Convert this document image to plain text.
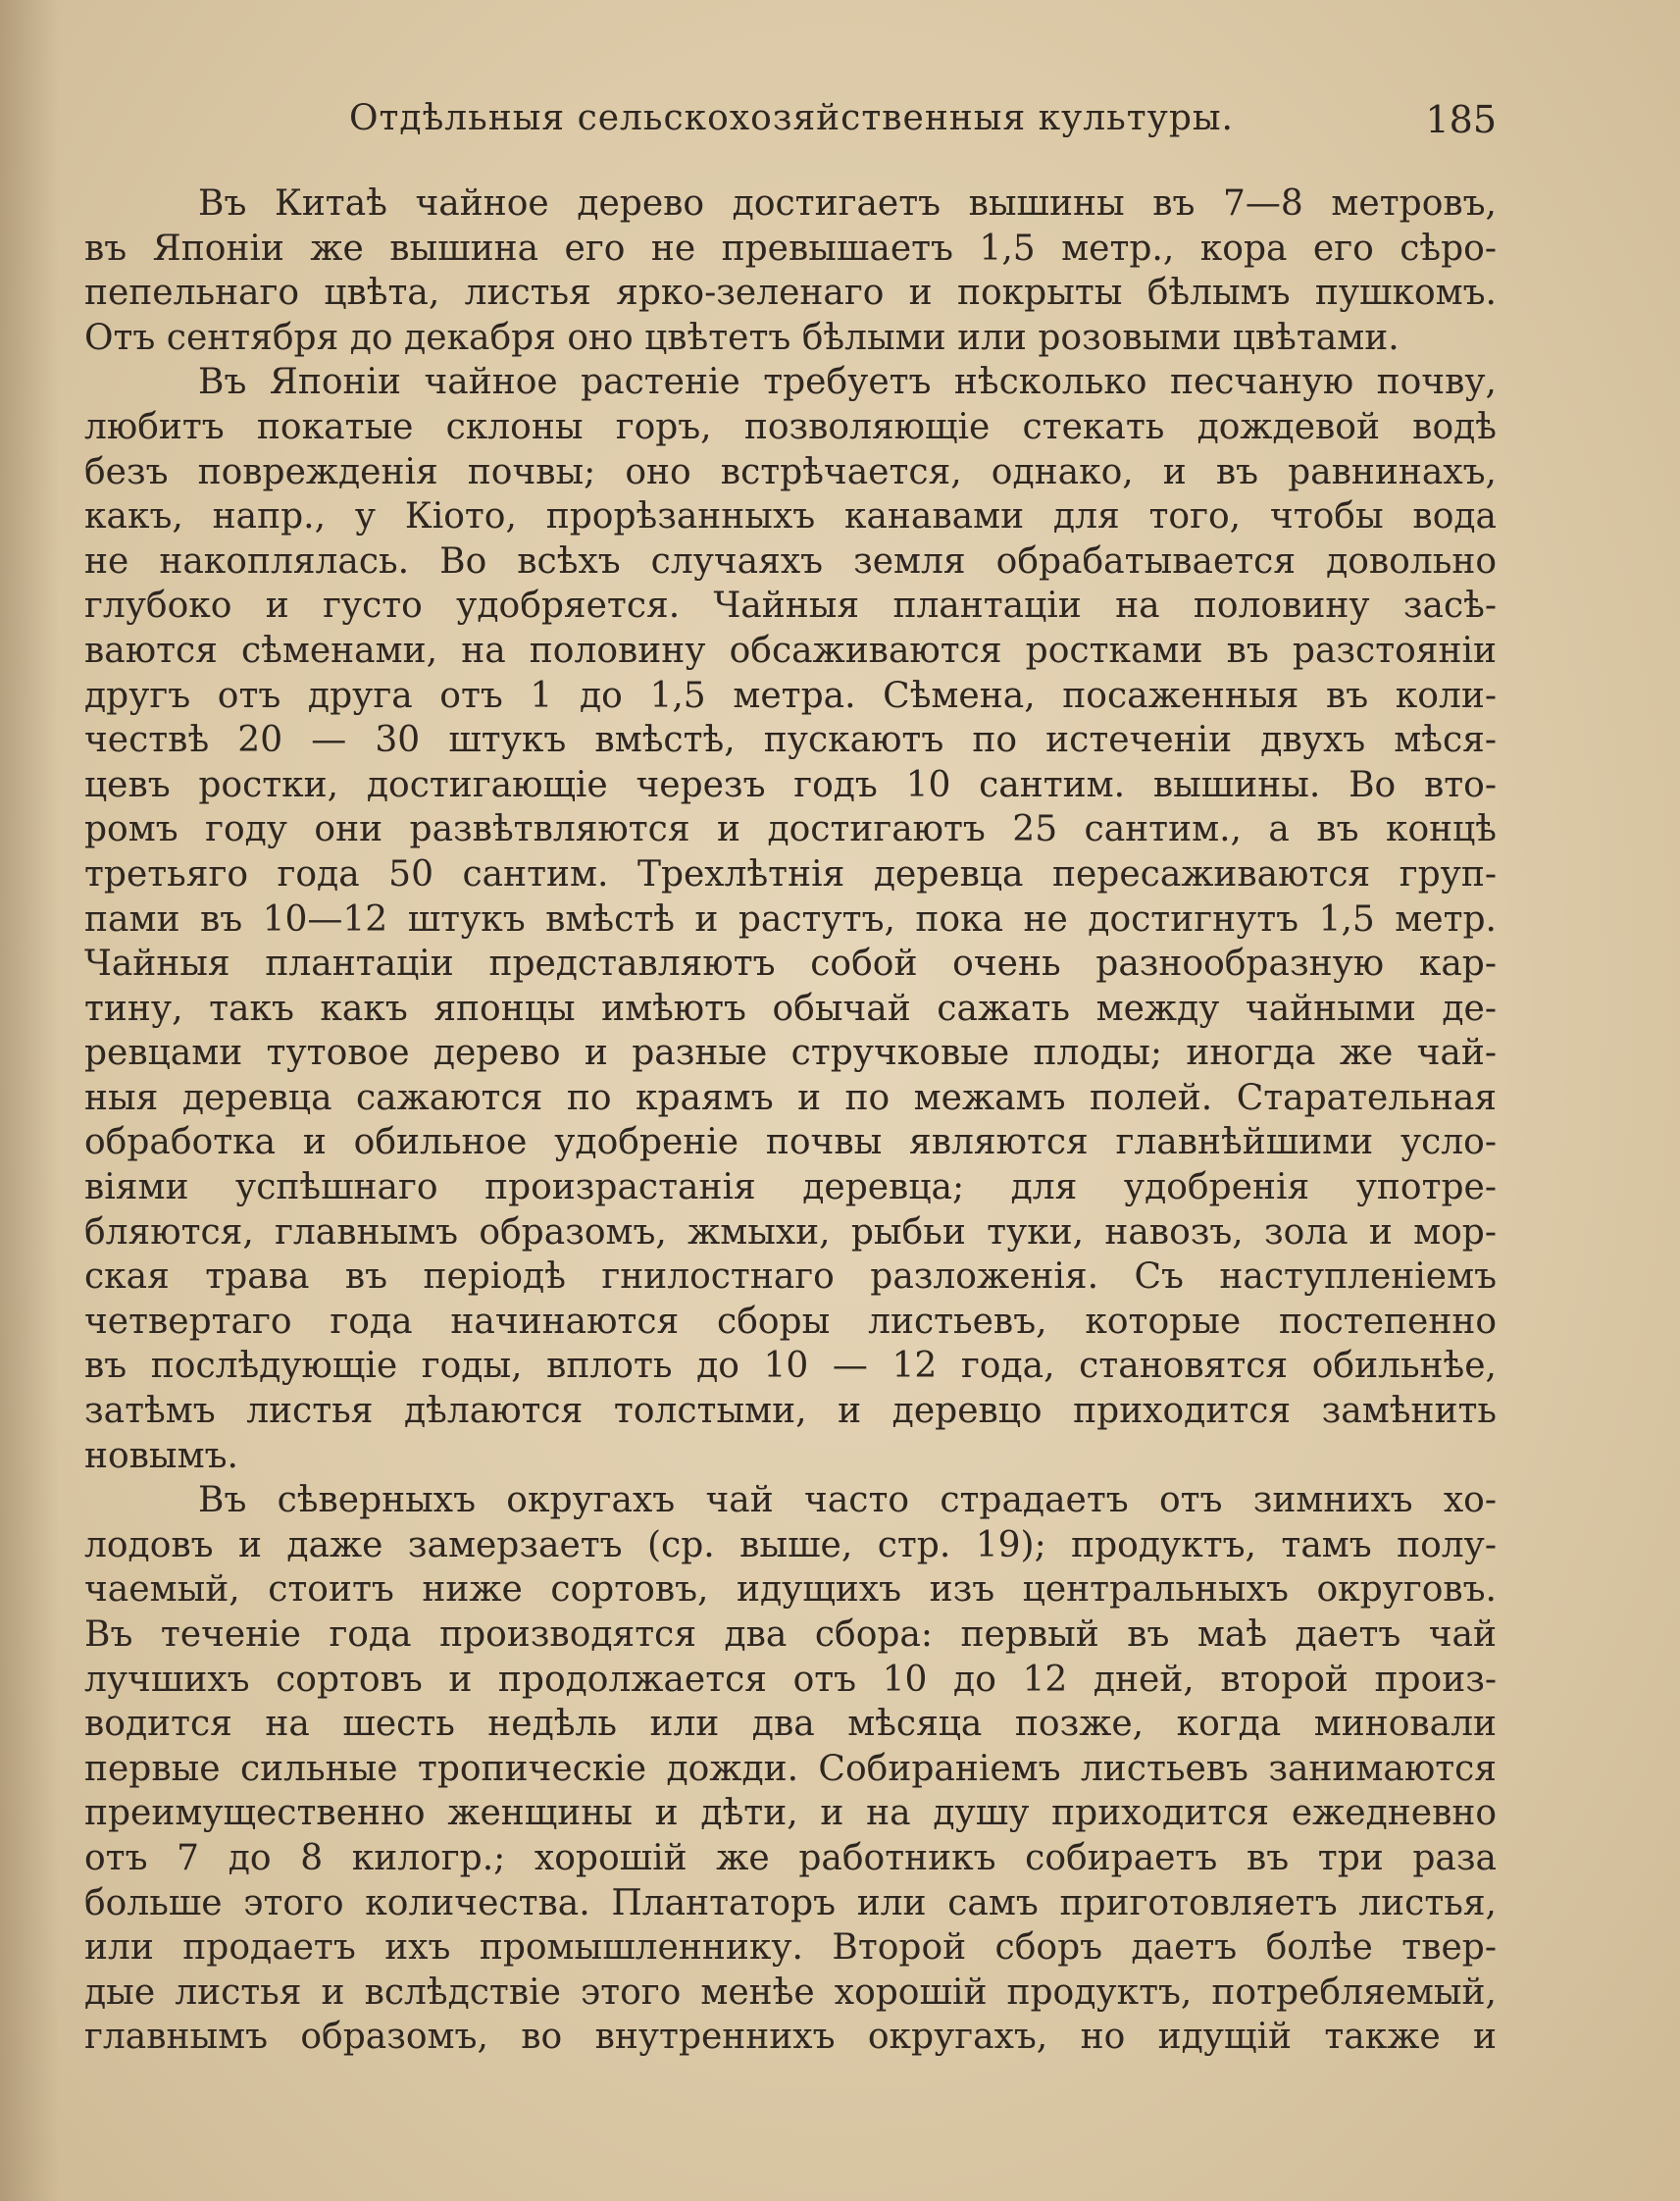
Отдѣльныя сельскохозяйственныя культуры.	185
Въ Китаѣ чайное дерево достигаетъ вышины въ 7—8 метровъ,
въ Японіи же вышина его не превышаетъ 1,5 метр., кора его сѣро-
пепельнаго цвѣта, листья ярко-зеленаго и покрыты бѣлымъ пушкомъ.
Отъ сентября до декабря оно цвѣтетъ бѣлыми или розовыми цвѣтами.
Въ Японіи чайное растеніе требуетъ нѣсколько песчаную почву,
любитъ покатые склоны горъ, позволяющіе стекать дождевой водѣ
безъ поврежденія почвы; оно встрѣчается, однако, и въ равнинахъ,
какъ, напр., у Кіото, прорѣзанныхъ канавами для того, чтобы вода
не накоплялась. Во всѣхъ случаяхъ земля обрабатывается довольно
глубоко и густо удобряется. Чайныя плантаціи на половину засѣ-
ваются сѣменами, на половину обсаживаются ростками въ разстояніи
другъ отъ друга отъ 1 до 1,5 метра. Сѣмена, посаженныя въ коли-
чествѣ 20 — 30 штукъ вмѣстѣ, пускаютъ по истеченіи двухъ мѣся-
цевъ ростки, достигающіе черезъ годъ 10 сантим. вышины. Во вто-
ромъ году они развѣтвляются и достигаютъ 25 сантим., а въ концѣ
третьяго года 50 сантим. Трехлѣтнія деревца пересаживаются груп-
пами въ 10—12 штукъ вмѣстѣ и растутъ, пока не достигнутъ 1,5 метр.
Чайныя плантаціи представляютъ собой очень разнообразную кар-
тину, такъ какъ японцы имѣютъ обычай сажать между чайными де-
ревцами тутовое дерево и разные стручковые плоды; иногда же чай-
ныя деревца сажаются по краямъ и по межамъ полей. Старательная
обработка и обильное удобреніе почвы являются главнѣйшими усло-
віями успѣшнаго произрастанія деревца; для удобренія употре-
бляются, главнымъ образомъ, жмыхи, рыбьи туки, навозъ, зола и мор-
ская трава въ періодѣ гнилостнаго разложенія. Съ наступленіемъ
четвертаго года начинаются сборы листьевъ, которые постепенно
въ послѣдующіе годы, вплоть до 10 — 12 года, становятся обильнѣе,
затѣмъ листья дѣлаются толстыми, и деревцо приходится замѣнить
новымъ.
Въ сѣверныхъ округахъ чай часто страдаетъ отъ зимнихъ хо-
лодовъ и даже замерзаетъ (ср. выше, стр. 19); продуктъ, тамъ полу-
чаемый, стоитъ ниже сортовъ, идущихъ изъ центральныхъ округовъ.
Въ теченіе года производятся два сбора: первый въ маѣ даетъ чай
лучшихъ сортовъ и продолжается отъ 10 до 12 дней, второй произ-
водится на шесть недѣль или два мѣсяца позже, когда миновали
первые сильные тропическіе дожди. Собираніемъ листьевъ занимаются
преимущественно женщины и дѣти, и на душу приходится ежедневно
отъ 7 до 8 килогр.; хорошій же работникъ собираетъ въ три раза
больше этого количества. Плантаторъ или самъ приготовляетъ листья,
или продаетъ ихъ промышленнику. Второй сборъ даетъ болѣе твер-
дые листья и вслѣдствіе этого менѣе хорошій продуктъ, потребляемый,
главнымъ образомъ, во внутреннихъ округахъ, но идущій также и
